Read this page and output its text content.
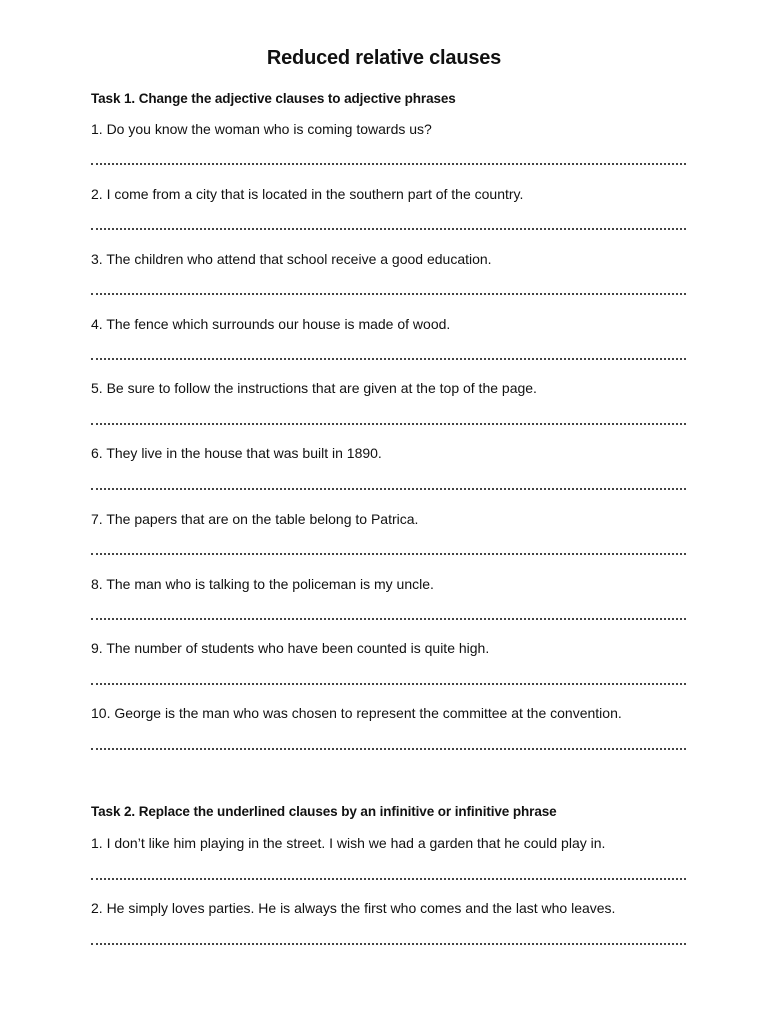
Reduced relative clauses
Task 1. Change the adjective clauses to adjective phrases
1. Do you know the woman who is coming towards us?
2. I come from a city that is located in the southern part of the country.
3. The children who attend that school receive a good education.
4. The fence which surrounds our house is made of wood.
5. Be sure to follow the instructions that are given at the top of the page.
6. They live in the house that was built in 1890.
7. The papers that are on the table belong to Patrica.
8. The man who is talking to the policeman is my uncle.
9. The number of students who have been counted is quite high.
10. George is the man who was chosen to represent the committee at the convention.
Task 2. Replace the underlined clauses by an infinitive or infinitive phrase
1. I don’t like him playing in the street. I wish we had a garden that he could play in.
2. He simply loves parties. He is always the first who comes and the last who leaves.
